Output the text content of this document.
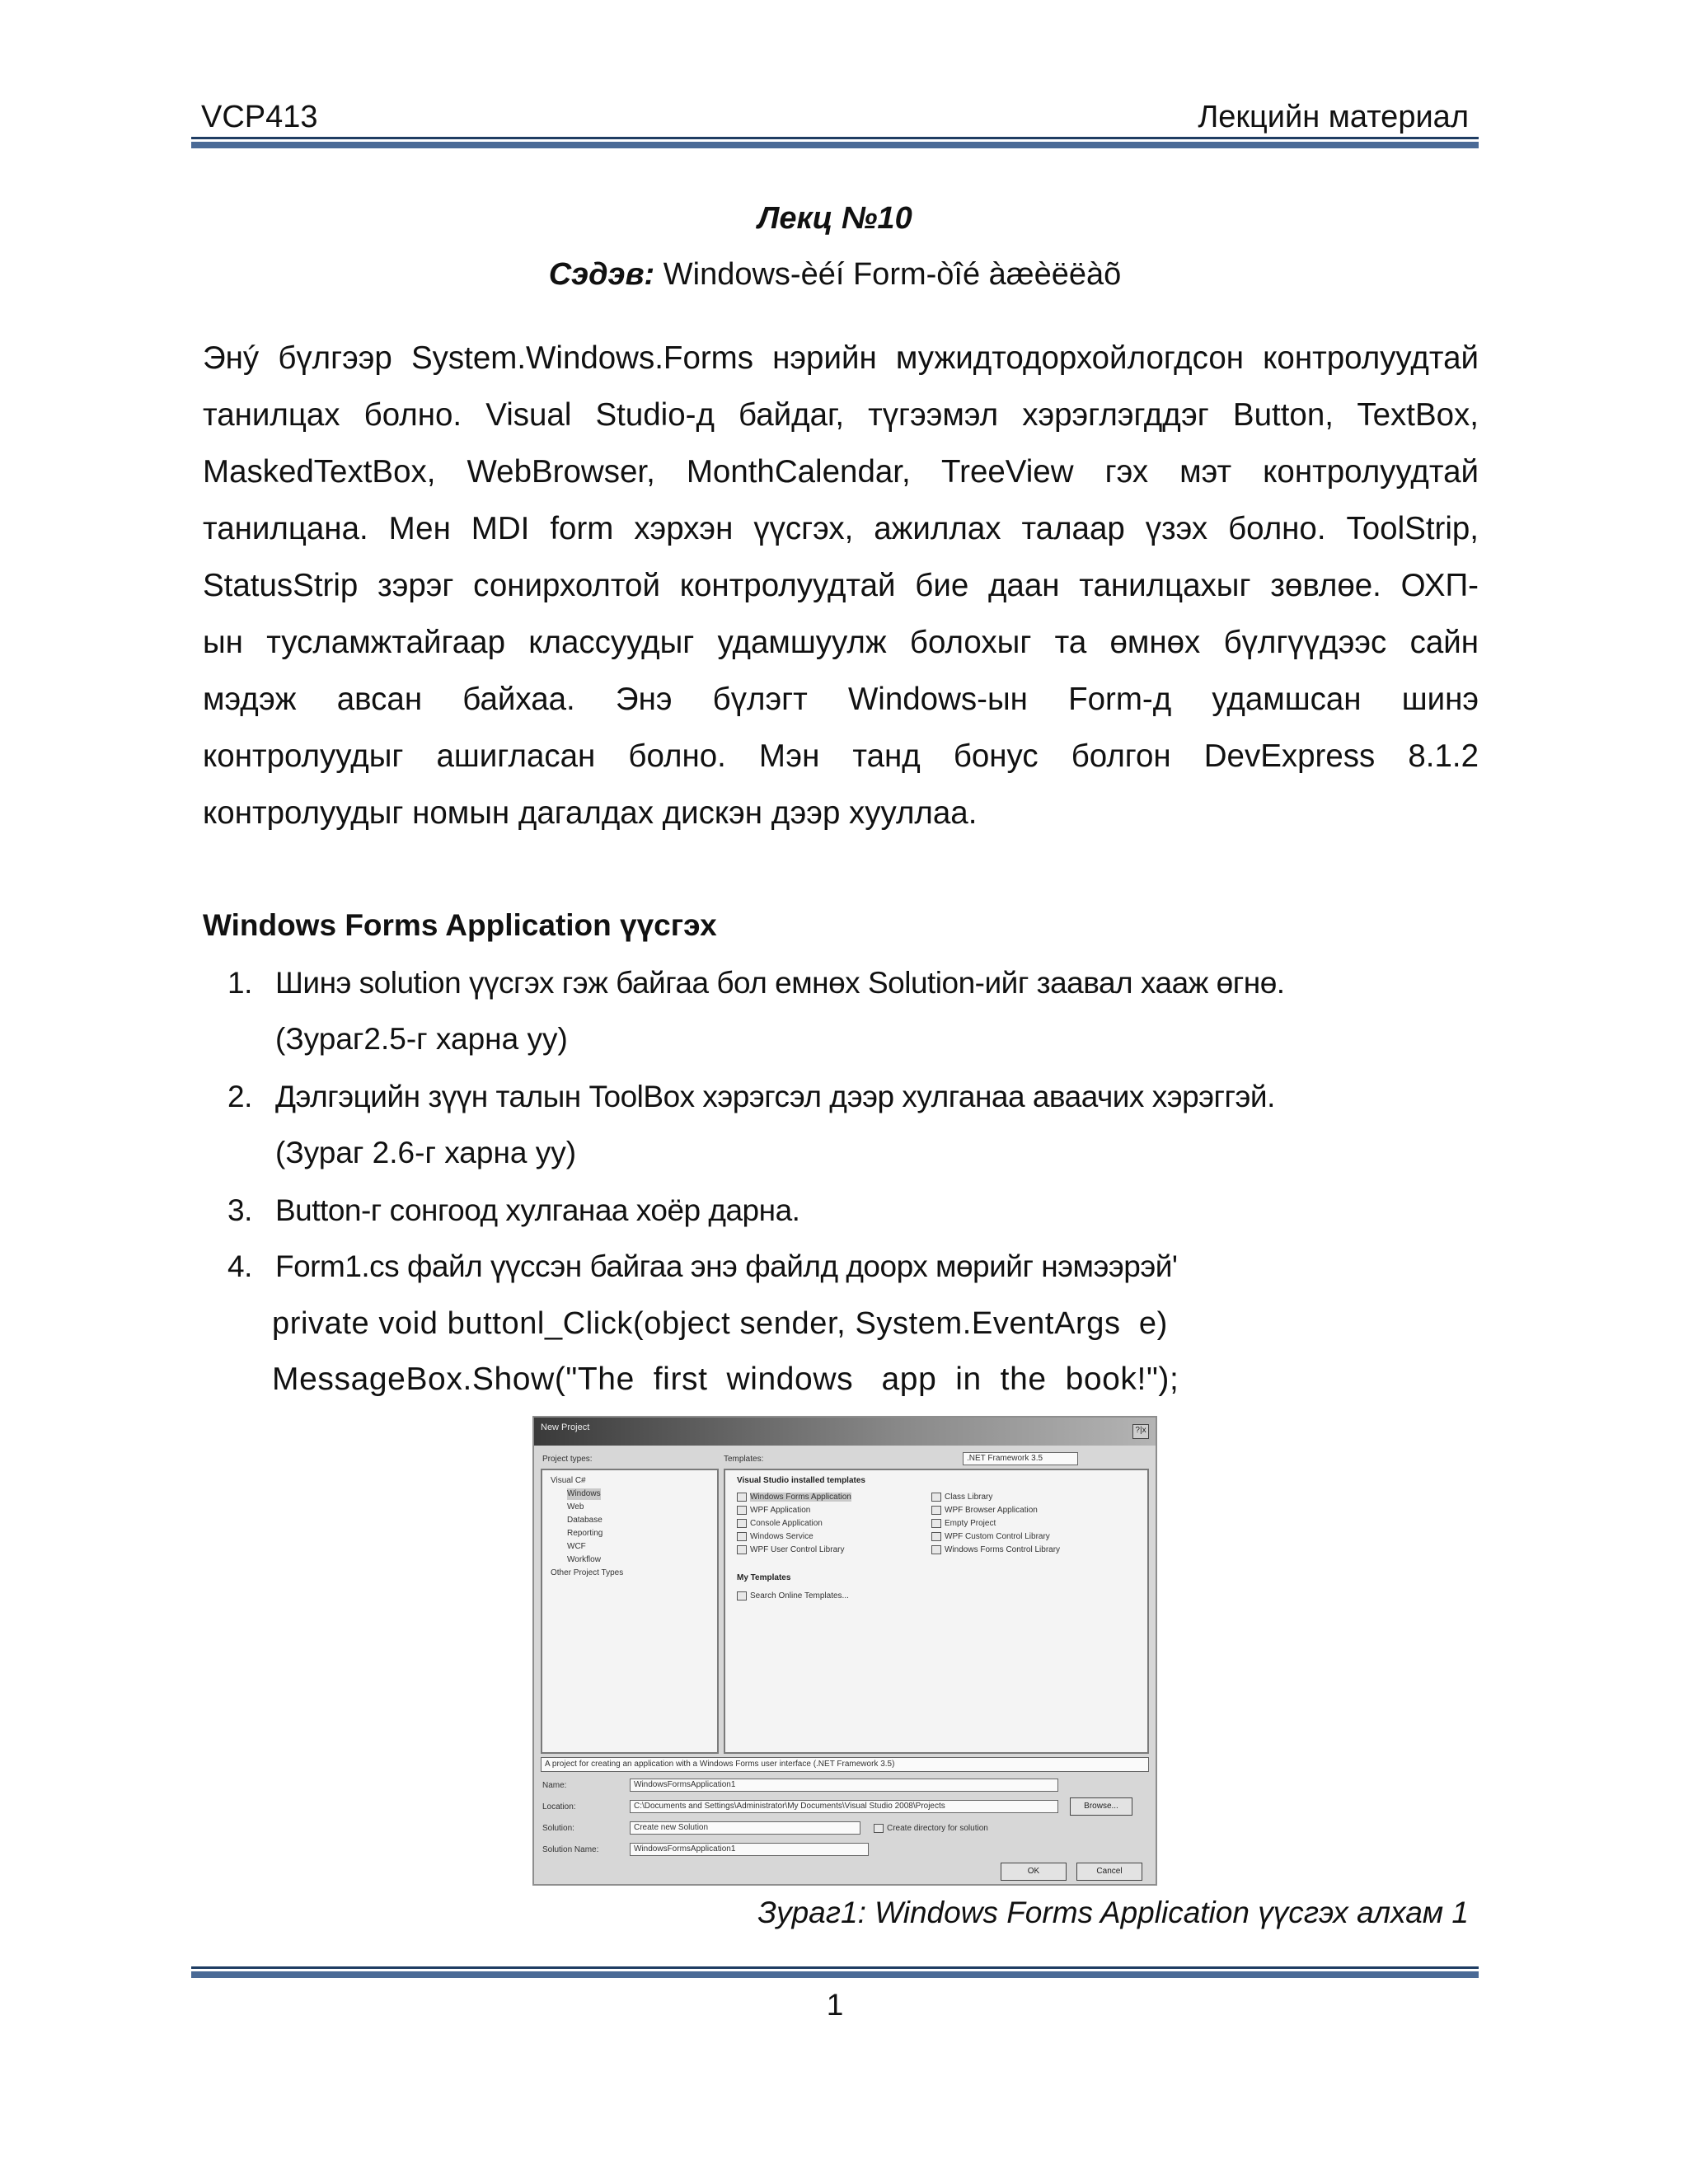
VCP413	Лекцийн материал
Лекц №10
Сэдэв: Windows-èéí Form-òîé àæèëëàõ
Энý бүлгээр System.Windows.Forms нэрийн мужидтодорхойлогдсон контролуудтай
танилцах болно. Visual Studio-д байдаг, түгээмэл хэрэглэгддэг Button, TextBox,
MaskedTextBox, WebBrowser, MonthCalendar, TreeView гэх мэт контролуудтай
танилцана. Мен MDI form хэрхэн үүсгэх, ажиллах талаар үзэх болно. ToolStrip,
StatusStrip зэрэг сонирхолтой контролуудтай бие даан танилцахыг зөвлөе. ОХП-
ын тусламжтайгаар классуудыг удамшуулж болохыг та өмнөх бүлгүүдээс сайн
мэдэж авсан байхаа. Энэ бүлэгт Windows-ын Form-д удамшсан шинэ
контролуудыг ашигласан болно. Мэн танд бонус болгон DevExpress 8.1.2
контролуудыг номын дагалдах дискэн дээр хууллаа.
Windows Forms Application үүсгэх
1. Шинэ solution үүсгэх гэж байгаа бол емнөх Solution-ийг заавал хааж өгнө.
(Зураг2.5-г харна уу)
2. Дэлгэцийн зүүн талын ToolBox хэрэгсэл дээр хулганаа аваачих хэрэггэй.
(Зураг 2.6-г харна уу)
3. Button-г сонгоод хулганаа хоёр дарна.
4. Form1.cs файл үүссэн байгаа энэ файлд доорх мөрийг нэмээрэй'
private void buttonl_Click(object sender, System.EventArgs  e)
MessageBox.Show("The  first  windows   app  in  the  book!");
New Project	?|x
Project types:	Templates:	.NET Framework 3.5
Visual C#
Windows
Web
Database
Reporting
WCF
Workflow
Other Project Types
Visual Studio installed templates
Windows Forms Application
WPF Application
Console Application
Windows Service
WPF User Control Library
Class Library
WPF Browser Application
Empty Project
WPF Custom Control Library
Windows Forms Control Library
My Templates
Search Online Templates...
A project for creating an application with a Windows Forms user interface (.NET Framework 3.5)
Name:	WindowsFormsApplication1
Location:	C:\Documents and Settings\Administrator\My Documents\Visual Studio 2008\Projects	Browse...
Solution:	Create new Solution	Create directory for solution
Solution Name:	WindowsFormsApplication1
OK	Cancel
Зураг1: Windows Forms Application үүсгэх алхам 1
1
